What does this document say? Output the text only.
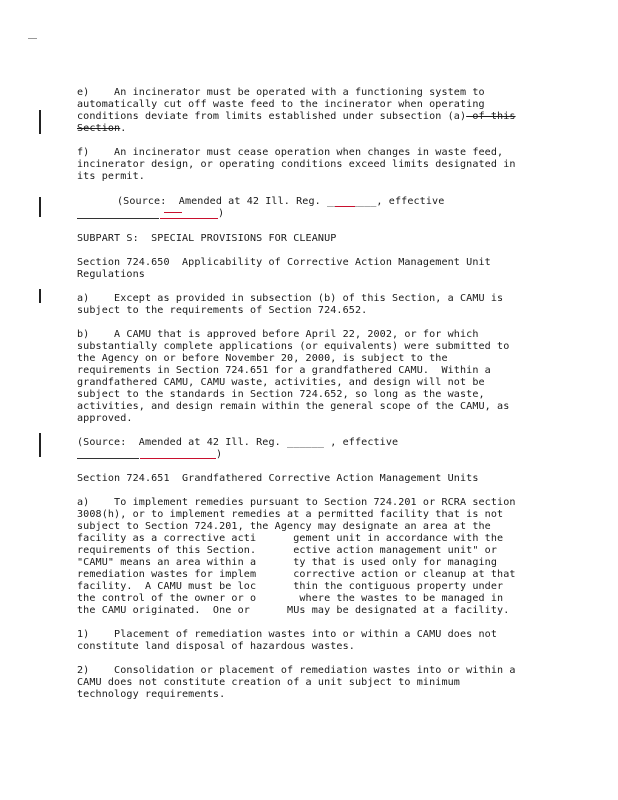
e)    An incinerator must be operated with a functioning system to

automatically cut off waste feed to the incinerator when operating

conditions deviate from limits established under subsection (a) of this

Section.

f)    An incinerator must cease operation when changes in waste feed,

incinerator design, or operating conditions exceed limits designated in

its permit.

(Source:  Amended at 42 Ill. Reg. ________, effective

)

SUBPART S:  SPECIAL PROVISIONS FOR CLEANUP

Section 724.650  Applicability of Corrective Action Management Unit

Regulations

a)    Except as provided in subsection (b) of this Section, a CAMU is

subject to the requirements of Section 724.652.

b)    A CAMU that is approved before April 22, 2002, or for which

substantially complete applications (or equivalents) were submitted to

the Agency on or before November 20, 2000, is subject to the

requirements in Section 724.651 for a grandfathered CAMU.  Within a

grandfathered CAMU, CAMU waste, activities, and design will not be

subject to the standards in Section 724.652, so long as the waste,

activities, and design remain within the general scope of the CAMU, as

approved.

(Source:  Amended at 42 Ill. Reg. ______ , effective

)

Section 724.651  Grandfathered Corrective Action Management Units

a)    To implement remedies pursuant to Section 724.201 or RCRA section

3008(h), or to implement remedies at a permitted facility that is not

subject to Section 724.201, the Agency may designate an area at the

facility as a corrective acti      gement unit in accordance with the

requirements of this Section.      ective action management unit" or

"CAMU" means an area within a      ty that is used only for managing

remediation wastes for implem      corrective action or cleanup at that

facility.  A CAMU must be loc      thin the contiguous property under

the control of the owner or o       where the wastes to be managed in

the CAMU originated.  One or      MUs may be designated at a facility.

1)    Placement of remediation wastes into or within a CAMU does not

constitute land disposal of hazardous wastes.

2)    Consolidation or placement of remediation wastes into or within a

CAMU does not constitute creation of a unit subject to minimum

technology requirements.
